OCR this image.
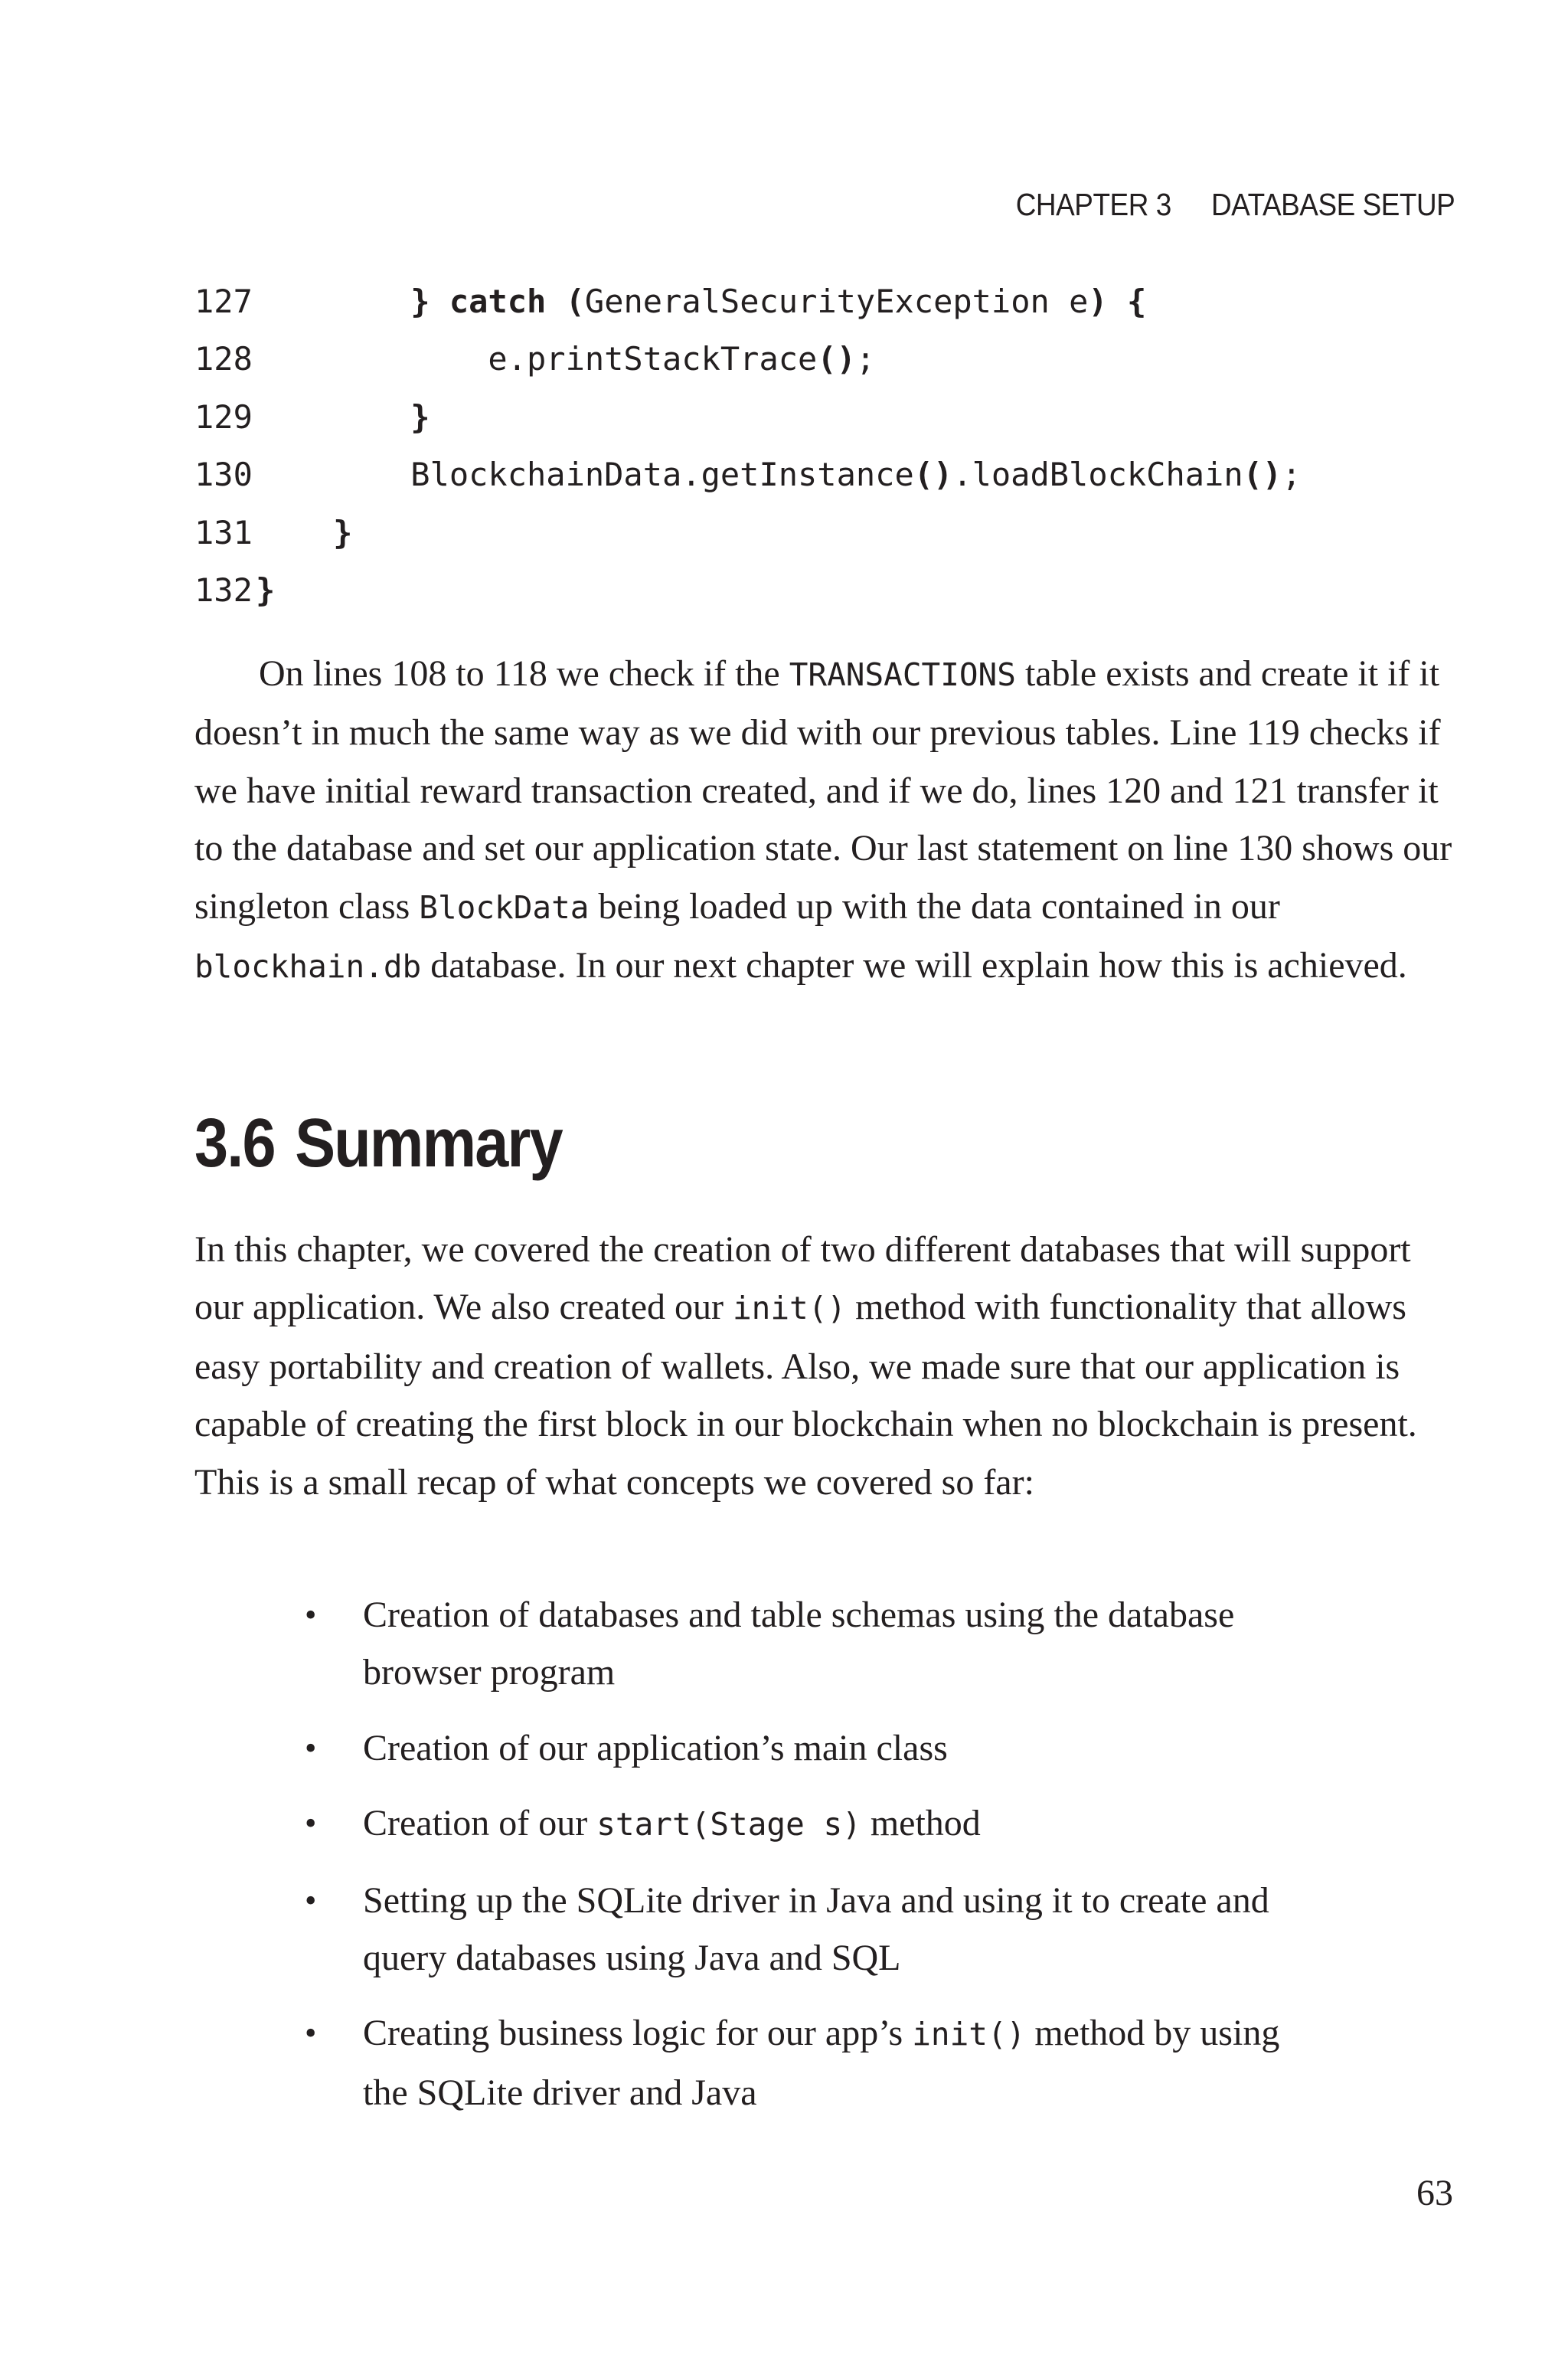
CHAPTER 3 DATABASE SETUP
127	} catch (GeneralSecurityException e) {
128            e.printStackTrace();
129	}
130        BlockchainData.getInstance().loadBlockChain();
131	}
132}
On lines 108 to 118 we check if the TRANSACTIONS table exists and create it if it doesn’t in much the same way as we did with our previous tables. Line 119 checks if we have initial reward transaction created, and if we do, lines 120 and 121 transfer it to the database and set our application state. Our last statement on line 130 shows our singleton class BlockData being loaded up with the data contained in our blockhain.db database. In our next chapter we will explain how this is achieved.
3.6 Summary
In this chapter, we covered the creation of two different databases that will support our application. We also created our init() method with functionality that allows easy portability and creation of wallets. Also, we made sure that our application is capable of creating the first block in our blockchain when no blockchain is present. This is a small recap of what concepts we covered so far:
• Creation of databases and table schemas using the database browser program
• Creation of our application’s main class
• Creation of our start(Stage s) method
• Setting up the SQLite driver in Java and using it to create and query databases using Java and SQL
• Creating business logic for our app’s init() method by using the SQLite driver and Java
63
